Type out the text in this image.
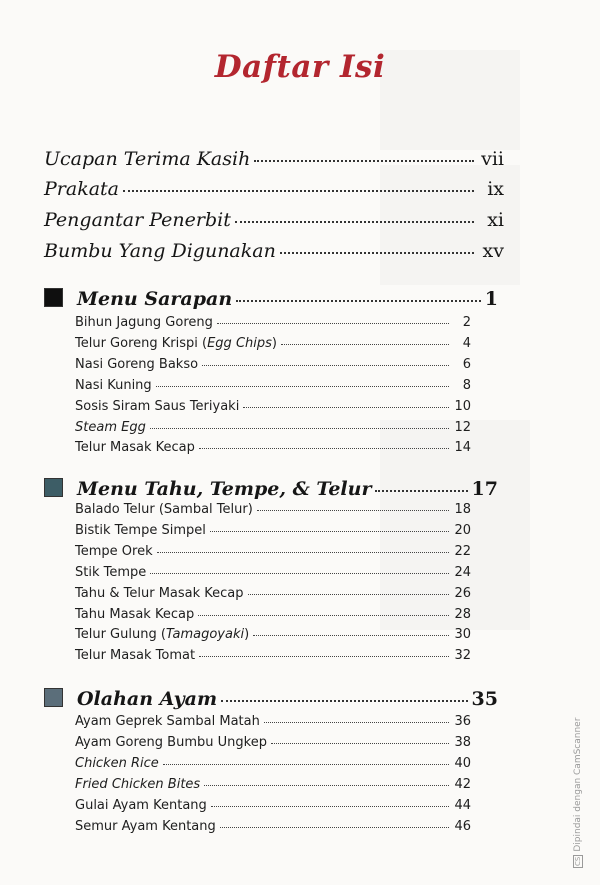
Daftar Isi
Ucapan Terima Kasih	vii
Prakata	ix
Pengantar Penerbit	xi
Bumbu Yang Digunakan	xv
Menu Sarapan	1
Bihun Jagung Goreng	2
Telur Goreng Krispi (Egg Chips)	4
Nasi Goreng Bakso	6
Nasi Kuning	8
Sosis Siram Saus Teriyaki	10
Steam Egg	12
Telur Masak Kecap	14
Menu Tahu, Tempe, & Telur	17
Balado Telur (Sambal Telur)	18
Bistik Tempe Simpel	20
Tempe Orek	22
Stik Tempe	24
Tahu & Telur Masak Kecap	26
Tahu Masak Kecap	28
Telur Gulung (Tamagoyaki)	30
Telur Masak Tomat	32
Olahan Ayam	35
Ayam Geprek Sambal Matah	36
Ayam Goreng Bumbu Ungkep	38
Chicken Rice	40
Fried Chicken Bites	42
Gulai Ayam Kentang	44
Semur Ayam Kentang	46
CSDipindai dengan CamScanner
